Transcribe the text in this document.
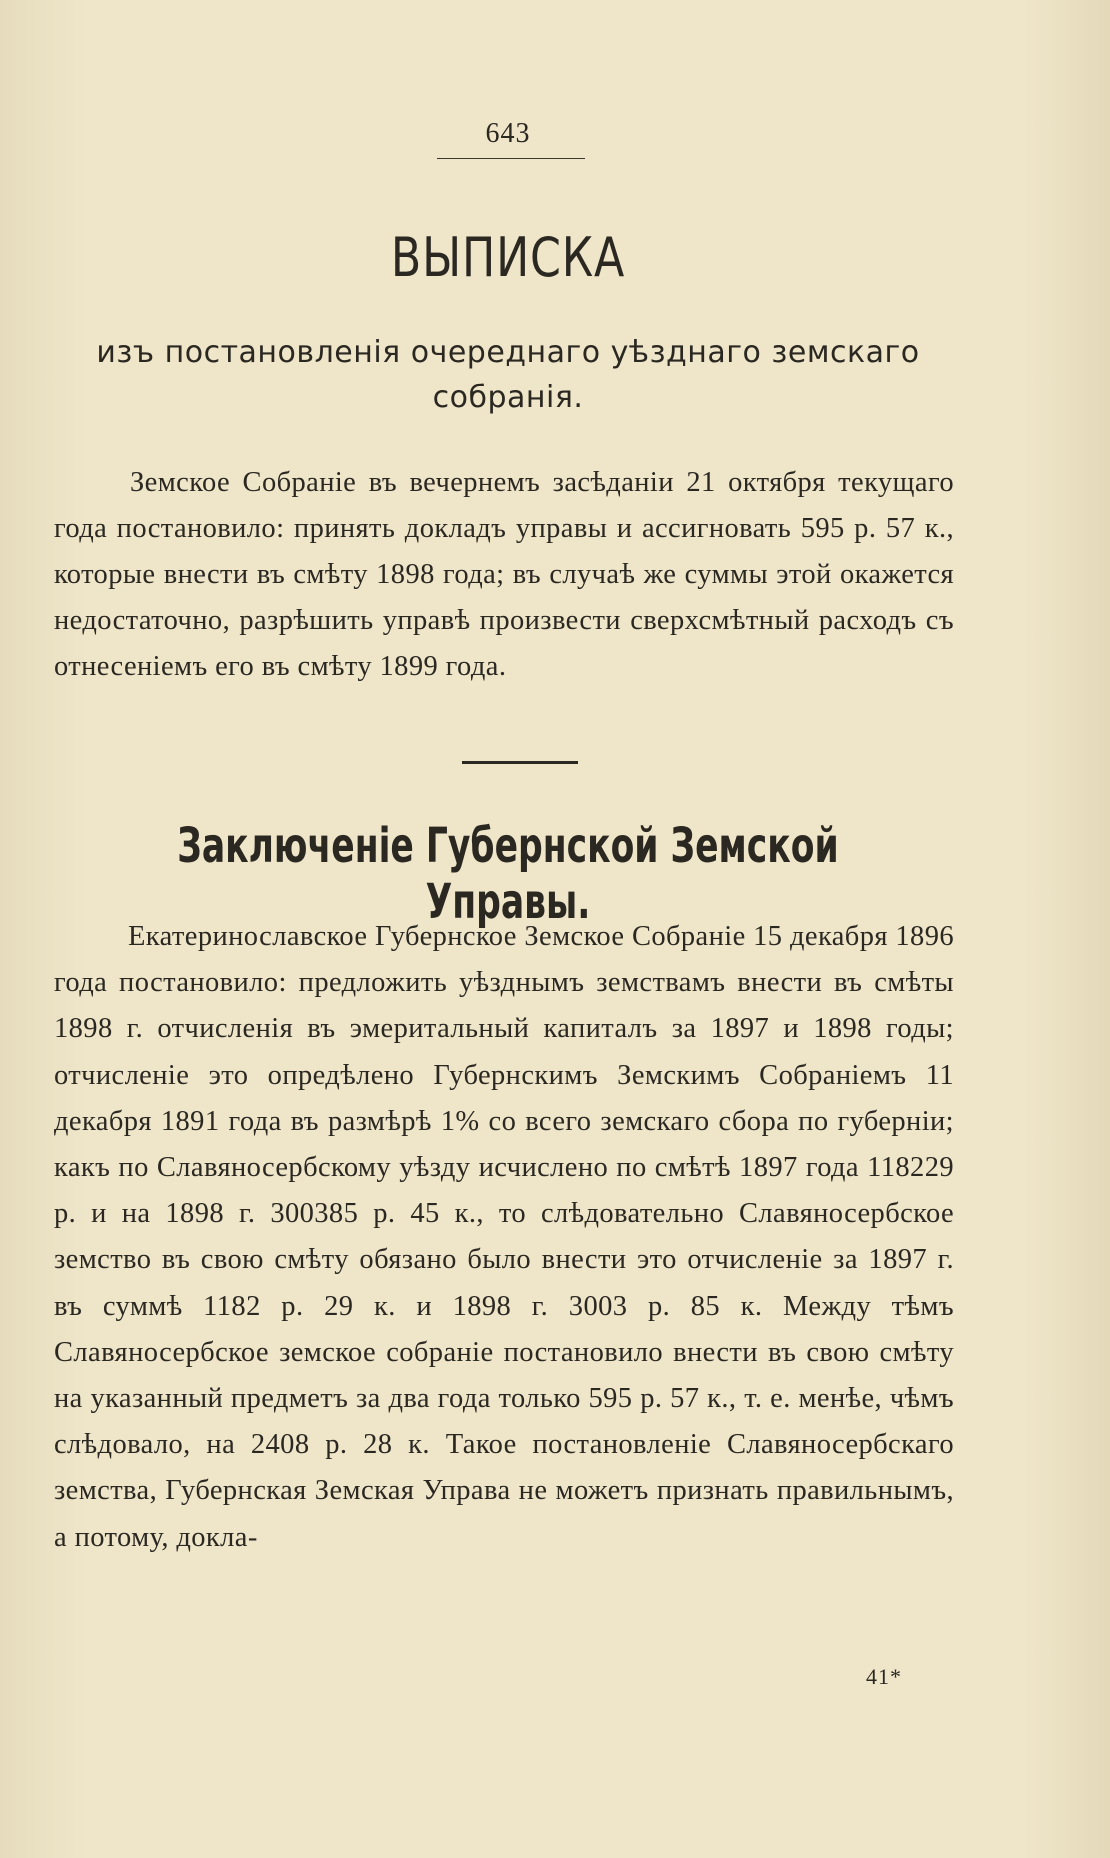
643
ВЫПИСКА
изъ постановленія очереднаго уѣзднаго земскаго собранія.

Земское Собраніе въ вечернемъ засѣданіи 21 октября текущаго года постановило: принять докладъ управы и ассигновать 595 р. 57 к., которые внести въ смѣту 1898 года; въ случаѣ же суммы этой окажется недостаточно, разрѣшить управѣ произвести сверхсмѣтный расходъ съ отнесеніемъ его въ смѣту 1899 года.

Заключеніе Губернской Земской Управы.

Екатеринославское Губернское Земское Собраніе 15 декабря 1896 года постановило: предложить уѣзднымъ земствамъ внести въ смѣты 1898 г. отчисленія въ эмеритальный капиталъ за 1897 и 1898 годы; отчисленіе это опредѣлено Губернскимъ Земскимъ Собраніемъ 11 декабря 1891 года въ размѣрѣ 1% со всего земскаго сбора по губерніи; какъ по Славяносербскому уѣзду исчислено по смѣтѣ 1897 года 118229 р. и на 1898 г. 300385 р. 45 к., то слѣдовательно Славяносербское земство въ свою смѣту обязано было внести это отчисленіе за 1897 г. въ суммѣ 1182 р. 29 к. и 1898 г. 3003 р. 85 к. Между тѣмъ Славяносербское земское собраніе постановило внести въ свою смѣту на указанный предметъ за два года только 595 р. 57 к., т. е. менѣе, чѣмъ слѣдовало, на 2408 р. 28 к. Такое постановленіе Славяносербскаго земства, Губернская Земская Управа не можетъ признать правильнымъ, а потому, докла-

41*
